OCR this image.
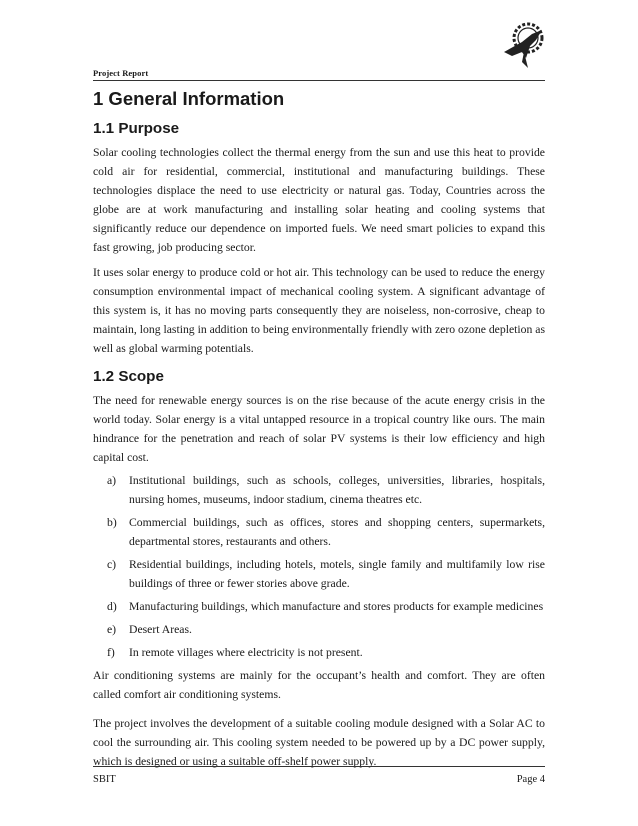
Project Report
1 General Information
1.1 Purpose

Solar cooling technologies collect the thermal energy from the sun and use this heat to provide cold air for residential, commercial, institutional and manufacturing buildings. These technologies displace the need to use electricity or natural gas. Today, Countries across the globe are at work manufacturing and installing solar heating and cooling systems that significantly reduce our dependence on imported fuels. We need smart policies to expand this fast growing, job producing sector.

It uses solar energy to produce cold or hot air. This technology can be used to reduce the energy consumption environmental impact of mechanical cooling system. A significant advantage of this system is, it has no moving parts consequently they are noiseless, non-corrosive, cheap to maintain, long lasting in addition to being environmentally friendly with zero ozone depletion as well as global warming potentials.

1.2 Scope

The need for renewable energy sources is on the rise because of the acute energy crisis in the world today. Solar energy is a vital untapped resource in a tropical country like ours. The main hindrance for the penetration and reach of solar PV systems is their low efficiency and high capital cost.

a) Institutional buildings, such as schools, colleges, universities, libraries, hospitals, nursing homes, museums, indoor stadium, cinema theatres etc.
b) Commercial buildings, such as offices, stores and shopping centers, supermarkets, departmental stores, restaurants and others.
c) Residential buildings, including hotels, motels, single family and multifamily low rise buildings of three or fewer stories above grade.
d) Manufacturing buildings, which manufacture and stores products for example medicines
e) Desert Areas.
f) In remote villages where electricity is not present.

Air conditioning systems are mainly for the occupant’s health and comfort. They are often called comfort air conditioning systems.

The project involves the development of a suitable cooling module designed with a Solar AC to cool the surrounding air. This cooling system needed to be powered up by a DC power supply, which is designed or using a suitable off-shelf power supply.

SBIT	Page 4
